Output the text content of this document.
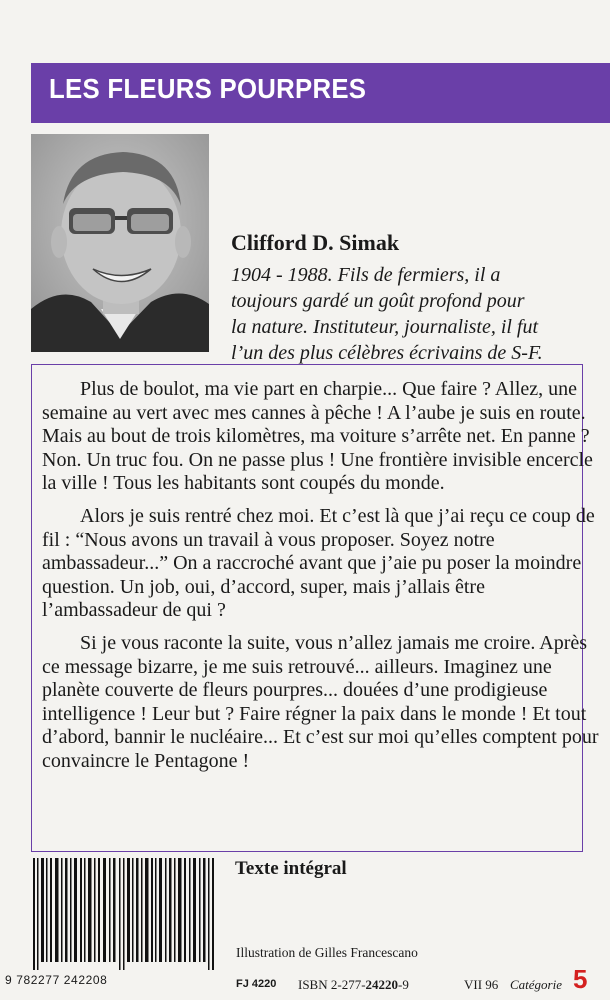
LES FLEURS POURPRES
Clifford D. Simak
1904 - 1988. Fils de fermiers, il a
toujours gardé un goût profond pour
la nature. Instituteur, journaliste, il fut
l’un des plus célèbres écrivains de S-F.

Plus de boulot, ma vie part en charpie... Que faire ? Allez, une semaine au vert avec mes cannes à pêche ! A l’aube je suis en route. Mais au bout de trois kilomètres, ma voiture s’arrête net. En panne ? Non. Un truc fou. On ne passe plus ! Une frontière invisible encercle la ville ! Tous les habitants sont coupés du monde.

Alors je suis rentré chez moi. Et c’est là que j’ai reçu ce coup de fil : “Nous avons un travail à vous proposer. Soyez notre ambassadeur...” On a raccroché avant que j’aie pu poser la moindre question. Un job, oui, d’accord, super, mais j’allais être l’ambassadeur de qui ?

Si je vous raconte la suite, vous n’allez jamais me croire. Après ce message bizarre, je me suis retrouvé... ailleurs. Imaginez une planète couverte de fleurs pourpres... douées d’une prodigieuse intelligence ! Leur but ? Faire régner la paix dans le monde ! Et tout d’abord, bannir le nucléaire... Et c’est sur moi qu’elles comptent pour convaincre le Pentagone !

Texte intégral
9 782277 242208
Illustration de Gilles Francescano
FJ 4220 ISBN 2-277-24220-9	VII 96 Catégorie 5
